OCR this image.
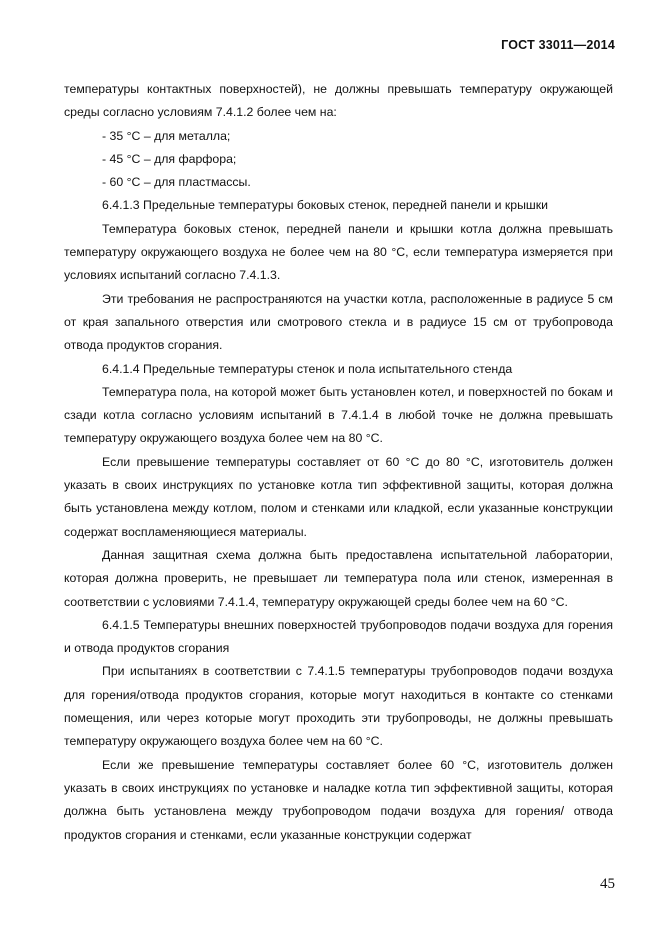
ГОСТ 33011—2014

температуры контактных поверхностей), не должны превышать температуру окружающей среды согласно условиям 7.4.1.2 более чем на:

- 35 °С – для металла;

- 45 °С – для фарфора;

- 60 °С – для пластмассы.

6.4.1.3 Предельные температуры боковых стенок, передней панели и крышки

Температура боковых стенок, передней панели и крышки котла должна превышать температуру окружающего воздуха не более чем на 80 °С, если температура измеряется при условиях испытаний согласно 7.4.1.3.

Эти требования не распространяются на участки котла, расположенные в радиусе 5 см от края запального отверстия или смотрового стекла и в радиусе 15 см от трубопровода отвода продуктов сгорания.

6.4.1.4 Предельные температуры стенок и пола испытательного стенда

Температура пола, на которой может быть установлен котел, и поверхностей по бокам и сзади котла согласно условиям испытаний в 7.4.1.4 в любой точке не должна превышать температуру окружающего воздуха более чем на 80 °С.

Если превышение температуры составляет от 60 °С до 80 °С, изготовитель должен указать в своих инструкциях по установке котла тип эффективной защиты, которая должна быть установлена между котлом, полом и стенками или кладкой, если указанные конструкции содержат воспламеняющиеся материалы.

Данная защитная схема должна быть предоставлена испытательной лаборатории, которая должна проверить, не превышает ли температура пола или стенок, измеренная в соответствии с условиями 7.4.1.4, температуру окружающей среды более чем на 60 °С.

6.4.1.5 Температуры внешних поверхностей трубопроводов подачи воздуха для горения и отвода продуктов сгорания

При испытаниях в соответствии с 7.4.1.5 температуры трубопроводов подачи воздуха для горения/отвода продуктов сгорания, которые могут находиться в контакте со стенками помещения, или через которые могут проходить эти трубопроводы, не должны превышать температуру окружающего воздуха более чем на 60 °С.

Если же превышение температуры составляет более 60 °С, изготовитель должен указать в своих инструкциях по установке и наладке котла тип эффективной защиты, которая должна быть установлена между трубопроводом подачи воздуха для горения/ отвода продуктов сгорания и стенками, если указанные конструкции содержат

45
